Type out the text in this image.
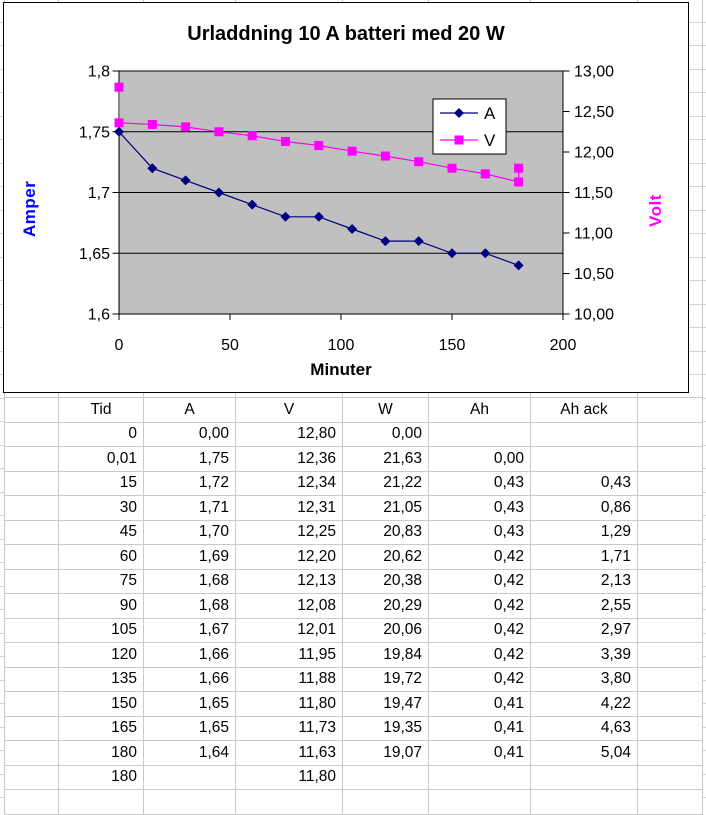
1,8
1,75
1,7
1,65
1,6
13,00
12,50
12,00
11,50
11,00
10,50
10,00
0	50	100	150	200
A
V
Urladdning 10 A batteri med 20 W
Amper	Volt
Minuter
	Tid	A	V	W	Ah	Ah ack	
	0	0,00	12,80	0,00			
	0,01	1,75	12,36	21,63	0,00		
	15	1,72	12,34	21,22	0,43	0,43	
	30	1,71	12,31	21,05	0,43	0,86	
	45	1,70	12,25	20,83	0,43	1,29	
	60	1,69	12,20	20,62	0,42	1,71	
	75	1,68	12,13	20,38	0,42	2,13	
	90	1,68	12,08	20,29	0,42	2,55	
	105	1,67	12,01	20,06	0,42	2,97	
	120	1,66	11,95	19,84	0,42	3,39	
	135	1,66	11,88	19,72	0,42	3,80	
	150	1,65	11,80	19,47	0,41	4,22	
	165	1,65	11,73	19,35	0,41	4,63	
	180	1,64	11,63	19,07	0,41	5,04	
	180		11,80				
